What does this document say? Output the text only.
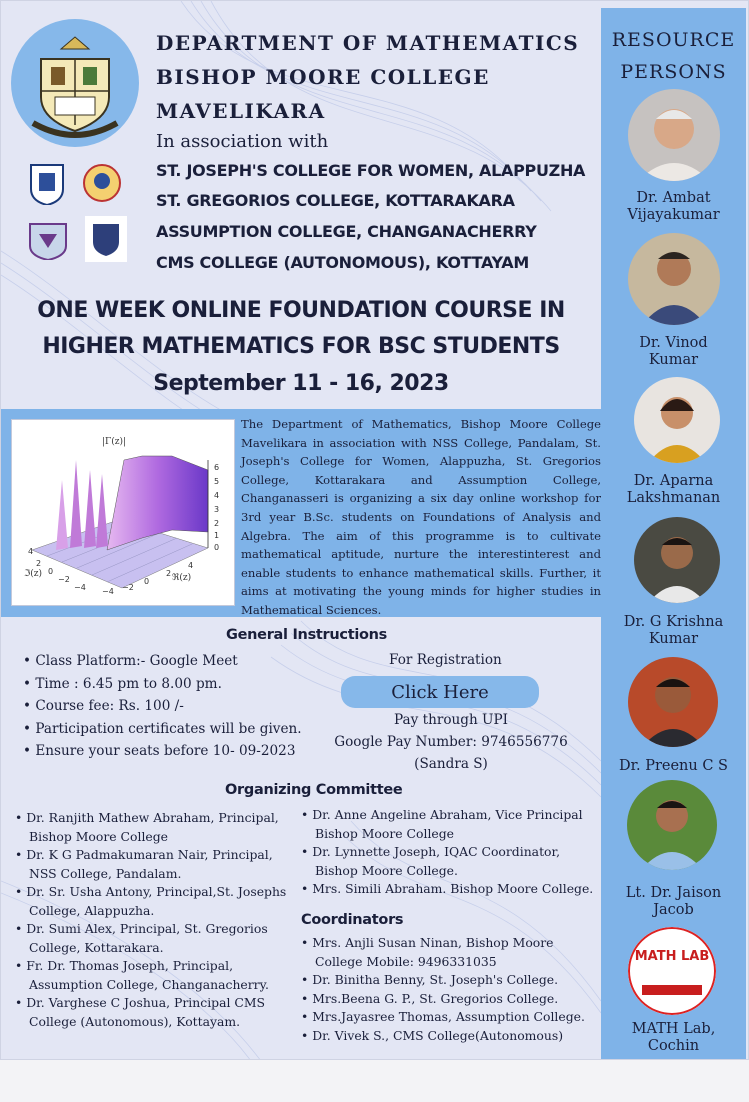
DEPARTMENT OF MATHEMATICS
BISHOP MOORE COLLEGE
MAVELIKARA
In association with
ST. JOSEPH'S COLLEGE FOR WOMEN, ALAPPUZHA
ST. GREGORIOS COLLEGE, KOTTARAKARA
ASSUMPTION COLLEGE, CHANGANACHERRY
CMS COLLEGE (AUTONOMOUS), KOTTAYAM
ONE WEEK ONLINE FOUNDATION COURSE IN
HIGHER MATHEMATICS FOR BSC STUDENTS
September 11 - 16, 2023
|Γ(z)|
ℑ(z)	ℜ(z)
6
5
4
3
2
1
0
4
2
0
−2
−4 −4 −2
0
2
4
The Department of Mathematics, Bishop Moore College Mavelikara in association with NSS College, Pandalam, St. Joseph's College for Women, Alappuzha, St. Gregorios College, Kottarakara and Assumption College, Changanasseri is organizing a six day online workshop for 3rd year B.Sc. students on Foundations of Analysis and Algebra. The aim of this programme is to cultivate mathematical aptitude, nurture the interestinterest and enable students to enhance mathematical skills. Further, it aims at motivating the young minds for higher studies in Mathematical Sciences.
General Instructions
• Class Platform:- Google Meet
• Time : 6.45 pm to 8.00 pm.
• Course fee: Rs. 100 /-
• Participation certificates will be given.
• Ensure your seats before 10- 09-2023
For Registration
Click Here
Pay through UPI
Google Pay Number: 9746556776
(Sandra S)
Organizing Committee
• Dr. Ranjith Mathew Abraham, Principal, Bishop Moore College
• Dr. K G Padmakumaran Nair, Principal, NSS College, Pandalam.
• Dr. Sr. Usha Antony, Principal,St. Josephs College, Alappuzha.
• Dr. Sumi Alex, Principal, St. Gregorios College, Kottarakara.
• Fr. Dr. Thomas Joseph, Principal, Assumption College, Changanacherry.
• Dr. Varghese C Joshua, Principal CMS College (Autonomous), Kottayam.
• Dr. Anne Angeline Abraham, Vice Principal Bishop Moore College
• Dr. Lynnette Joseph, IQAC Coordinator, Bishop Moore College.
• Mrs. Simili Abraham. Bishop Moore College.
Coordinators
• Mrs. Anjli Susan Ninan, Bishop Moore College Mobile: 9496331035
• Dr. Binitha Benny, St. Joseph's College.
• Mrs.Beena G. P., St. Gregorios College.
• Mrs.Jayasree Thomas, Assumption College.
• Dr. Vivek S., CMS College(Autonomous)
RESOURCE
PERSONS
Dr. Ambat
Vijayakumar
Dr. Vinod
Kumar
Dr. Aparna
Lakshmanan
Dr. G Krishna
Kumar
Dr. Preenu C S
Lt. Dr. Jaison
Jacob
MATH LAB
MATH Lab,
Cochin
